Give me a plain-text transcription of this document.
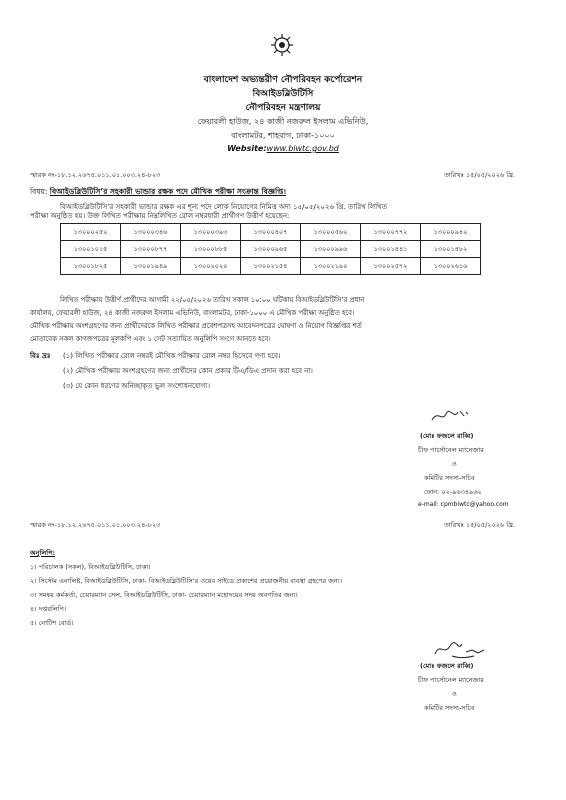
বাংলাদেশ অভ্যন্তরীণ নৌপরিবহন কর্পোরেশন
বিআইডব্লিউটিসি
নৌপরিবহন মন্ত্রণালয়
ফেয়ারলী হাউজ, ২৪ কাজী নজরুল ইসলাম এভিনিউ,
বাংলামটর, শাহবাগ, ঢাকা-১০০০
Website:www.biwtc.gov.bd
স্মারক নং-১৮.১২.২৬৭৫.০১১.০১.০০৩.২৪-৮২৩	তারিখঃ ১৫/০৫/২০২৬ খ্রি.
বিষয়: বিআইডব্লিউটিসি’র সহকারী ভান্ডার রক্ষক পদে মৌখিক পরীক্ষা সংক্রান্ত বিজ্ঞপ্তি।
বিআইডব্লিউটিসি’র সহকারী ভান্ডার রক্ষক এর শূন্য পদে লোক নিয়োগের নিমিত্ত অদ্য ১৫/০৫/২০২৬ খ্রি. তারিখ লিখিত
পরীক্ষা অনুষ্ঠিত হয়। উক্ত লিখিত পরীক্ষায় নিম্নলিখিত রোল নম্বরধারী প্রার্থীগণ উত্তীর্ণ হয়েছেন:
১৩০০০২৫০	১৩০০০৩৪৬	১৩০০০৩৯৩	১৩০০০৪০৭	১৩০০০৫৬০	১৩০০০৭৭২	১৩০০০৯৪০
১৩০০১০১৫	১৩০০০৮৭৭	১৩০০০৮৮৫	১৩০০০৯৬৫	১৩০০০৯৯৬	১৩০০১৪৪১	১৩০০১৪৮২
১৩০০১৮২৫	১৩০০১৯৪৯	১৩০০২০২০	১৩০০২১৫৪	১৩০০২১৯০	১৩০০২৫৭২	১৩০০২৬১৬
লিখিত পরীক্ষায় উত্তীর্ণ প্রার্থীদের আগামী ২২/০৫/২০২৬ তারিখ সকাল ১০:০০ ঘটিকায় বিআইডব্লিউটিসি’র প্রধান
কার্যালয়, ফেয়ারলী হাউজ, ২৪ কাজী নজরুল ইসলাম এভিনিউ, বাংলামটর, ঢাকা-১০০০ এ মৌখিক পরীক্ষা অনুষ্ঠিত হবে।
মৌখিক পরীক্ষায় অংশগ্রহণের জন্য প্রার্থীদেরকে লিখিত পরীক্ষার প্রবেশপত্রসহ আবেদনপত্রের ঘোষণা ও নিয়োগ বিজ্ঞপ্তির শর্ত
মোতাবেক সকল কাগজপত্রের মূলকপি এবং ১ সেট সত্যায়িত অনুলিপি সংগে আনতে হবে।
বিঃ দ্রঃ (১) লিখিত পরীক্ষার রোল নম্বরই মৌখিক পরীক্ষার রোল নম্বর হিসেবে গণ্য হবে।
(২) মৌখিক পরীক্ষায় অংশগ্রহণের জন্য প্রার্থীদের কোন প্রকার টিএ/ডিএ প্রদান করা হবে না।
(৩) যে কোন ধরণের অনিচ্ছাকৃত ভুল সংশোধনযোগ্য।
(মোঃ ফজলে রাব্বি)
চীফ পার্সোনেল ম্যানেজার
ও
কমিটির সদস্য-সচিব
ফোন: ০২-৯৬৩৪৯৬২
e-mail: cpmbiwtc@yahoo.com
স্মারক নং-১৮.১২.২৬৭৫.০১১.০১.০০৩.২৪-৮২৩	তারিখঃ ১৫/০৫/২০২৬ খ্রি.
অনুলিপি:
১। পরিচালক (সকল), বিআইডব্লিউটিসি, ঢাকা।
২। সিস্টেম এনালিষ্ট, বিআইডব্লিউটিসি, ঢাকা- বিআইডব্লিউটিসি’র ওয়েব সাইডে প্রকাশের প্রয়োজনীয় ব্যবস্থা গ্রহণের জন্য।
৩। সমন্বয় কর্মকর্তা, চেয়ারম্যান সেল, বিআইডব্লিউটিসি, ঢাকা- চেয়ারম্যান মহোদয়ের সদয় অবগতির জন্য।
৪। দপ্তরলিপি।
৫। নোটিশ বোর্ড।
(মোঃ ফজলে রাব্বি)
চীফ পার্সোনেল ম্যানেজার
ও
কমিটির সদস্য-সচিব
